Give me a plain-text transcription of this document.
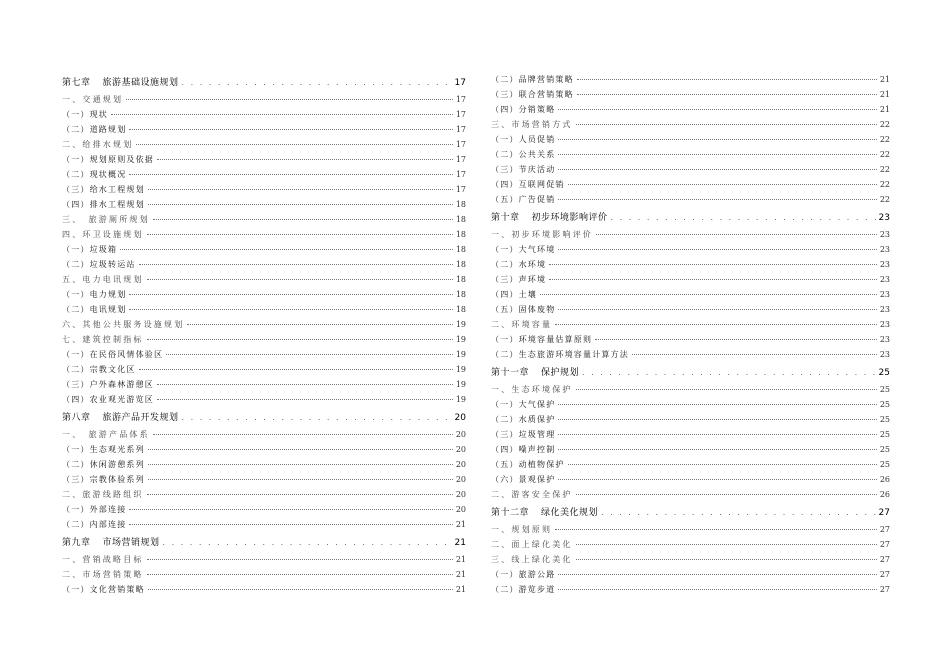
第七章 旅游基础设施规划 . . .	17
一、交通规划	17
（一）现状	17
（二）道路规划	17
二、给排水规划	17
（一）规划原则及依据	17
（二）现状概况	17
（三）给水工程规划	17
（四）排水工程规划	18
三、　旅游厕所规划	18
四、环卫设施规划	18
（一）垃圾箱	18
（二）垃圾转运站	18
五、电力电讯规划	18
（一）电力规划	18
（二）电讯规划	18
六、其他公共服务设施规划	19
七、建筑控制指标	19
（一）在民俗风情体验区	19
（二）宗教文化区	19
（三）户外森林游憩区	19
（四）农业观光游览区	19
第八章 旅游产品开发规划 . . .	20
一、　旅游产品体系	20
（一）生态观光系列	20
（二）休闲游憩系列	20
（三）宗教体验系列	20
二、旅游线路组织	20
（一）外部连接	20
（二）内部连接	21
第九章 市场营销规划 . . .	21
一、营销战略目标	21
二、市场营销策略	21
（一）文化营销策略	21
（二）品牌营销策略	21
（三）联合营销策略	21
（四）分销策略	21
三、市场营销方式	22
（一）人员促销	22
（二）公共关系	22
（三）节庆活动	22
（四）互联网促销	22
（五）广告促销	22
第十章 初步环境影响评价 . . .	23
一、初步环境影响评价	23
（一）大气环境	23
（二）水环境	23
（三）声环境	23
（四）土壤	23
（五）固体废物	23
二、环境容量	23
（一）环境容量估算原则	23
（二）生态旅游环境容量计算方法	23
第十一章 保护规划 . . .	25
一、生态环境保护	25
（一）大气保护	25
（二）水质保护	25
（三）垃圾管理	25
（四）噪声控制	25
（五）动植物保护	25
（六）景观保护	26
二、游客安全保护	26
第十二章 绿化美化规划 . . .	27
一、规划原则	27
二、面上绿化美化	27
三、线上绿化美化	27
（一）旅游公路	27
（二）游览步道	27
